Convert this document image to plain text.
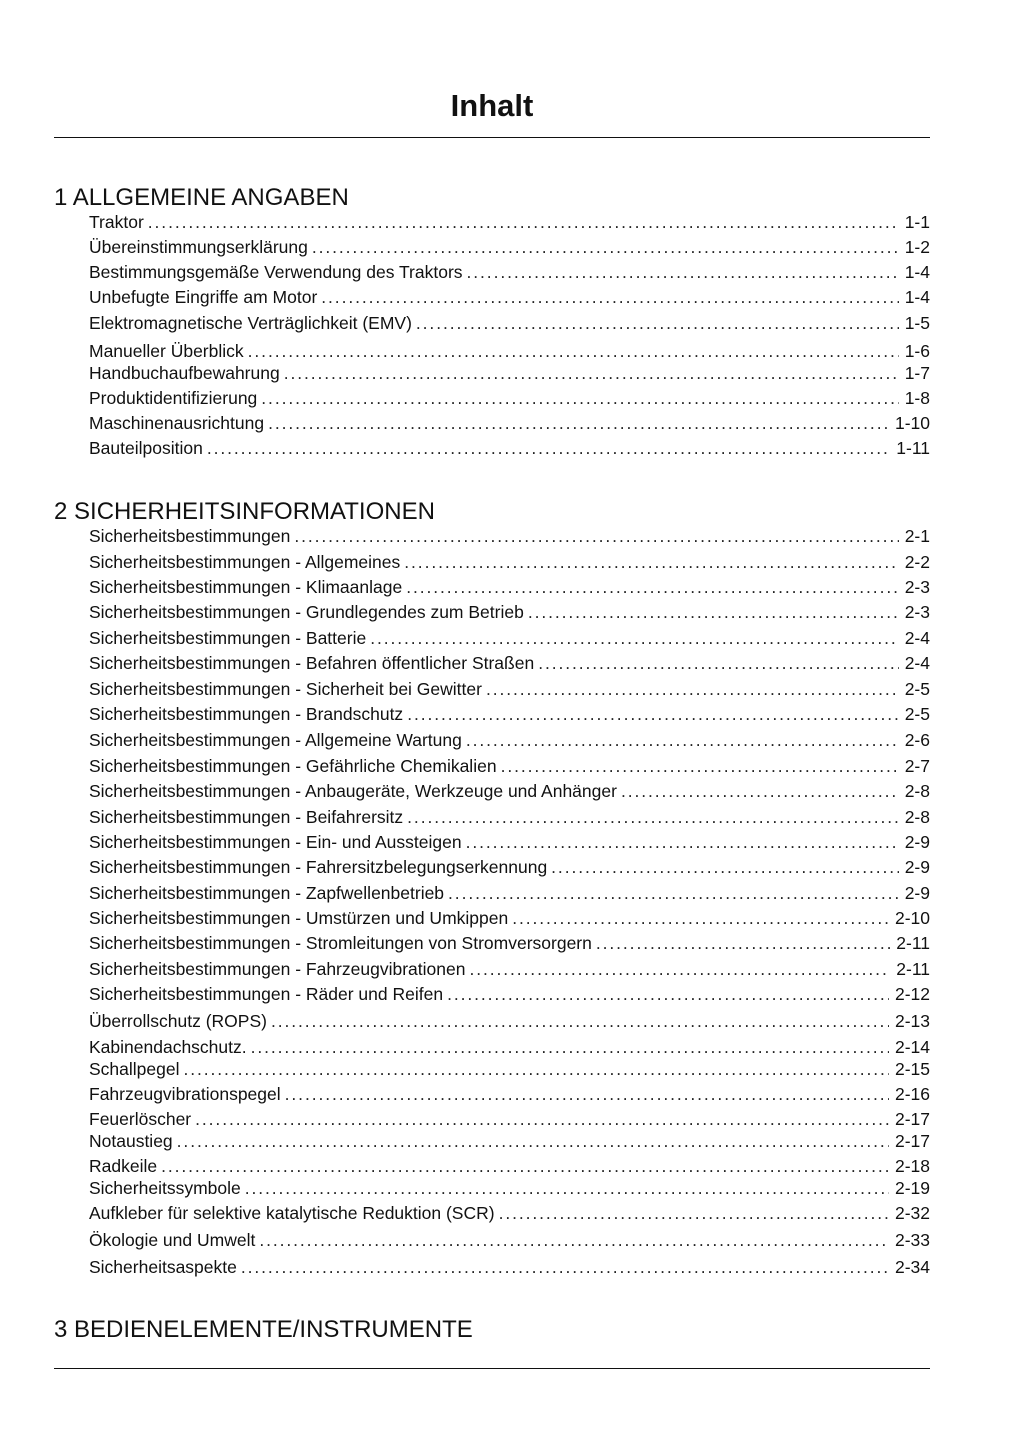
Inhalt
1 ALLGEMEINE ANGABEN
Traktor .....	1-1
Übereinstimmungserklärung .....	1-2
Bestimmungsgemäße Verwendung des Traktors .....	1-4
Unbefugte Eingriffe am Motor .....	1-4
Elektromagnetische Verträglichkeit (EMV) .....	1-5
Manueller Überblick .....	1-6
Handbuchaufbewahrung .....	1-7
Produktidentifizierung .....	1-8
Maschinenausrichtung .....	1-10
Bauteilposition .....	1-11
2 SICHERHEITSINFORMATIONEN
Sicherheitsbestimmungen .....	2-1
Sicherheitsbestimmungen - Allgemeines .....	2-2
Sicherheitsbestimmungen - Klimaanlage .....	2-3
Sicherheitsbestimmungen - Grundlegendes zum Betrieb .....	2-3
Sicherheitsbestimmungen - Batterie .....	2-4
Sicherheitsbestimmungen - Befahren öffentlicher Straßen .....	2-4
Sicherheitsbestimmungen - Sicherheit bei Gewitter .....	2-5
Sicherheitsbestimmungen - Brandschutz .....	2-5
Sicherheitsbestimmungen - Allgemeine Wartung .....	2-6
Sicherheitsbestimmungen - Gefährliche Chemikalien .....	2-7
Sicherheitsbestimmungen - Anbaugeräte, Werkzeuge und Anhänger .....	2-8
Sicherheitsbestimmungen - Beifahrersitz .....	2-8
Sicherheitsbestimmungen - Ein- und Aussteigen .....	2-9
Sicherheitsbestimmungen - Fahrersitzbelegungserkennung .....	2-9
Sicherheitsbestimmungen - Zapfwellenbetrieb .....	2-9
Sicherheitsbestimmungen - Umstürzen und Umkippen .....	2-10
Sicherheitsbestimmungen - Stromleitungen von Stromversorgern .....	2-11
Sicherheitsbestimmungen - Fahrzeugvibrationen .....	2-11
Sicherheitsbestimmungen - Räder und Reifen .....	2-12
Überrollschutz (ROPS) .....	2-13
Kabinendachschutz. .....	2-14
Schallpegel .....	2-15
Fahrzeugvibrationspegel .....	2-16
Feuerlöscher .....	2-17
Notaustieg .....	2-17
Radkeile .....	2-18
Sicherheitssymbole .....	2-19
Aufkleber für selektive katalytische Reduktion (SCR) .....	2-32
Ökologie und Umwelt .....	2-33
Sicherheitsaspekte .....	2-34
3 BEDIENELEMENTE/INSTRUMENTE
